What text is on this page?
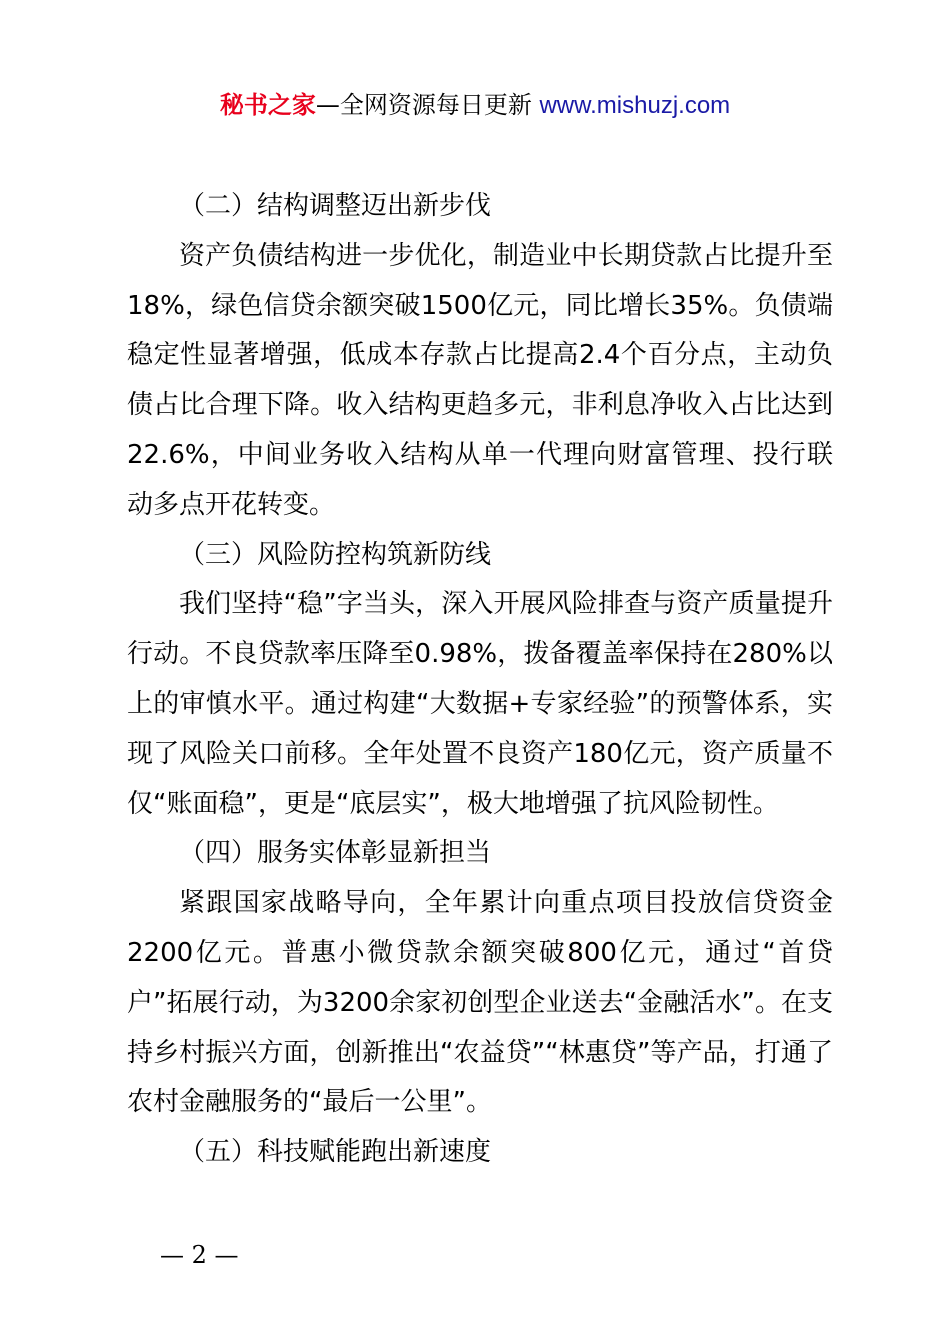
秘书之家—全网资源每日更新 www.mishuzj.com

（二）结构调整迈出新步伐

资产负债结构进一步优化，制造业中长期贷款占比提升至18%，绿色信贷余额突破1500亿元，同比增长35%。负债端稳定性显著增强，低成本存款占比提高2.4个百分点，主动负债占比合理下降。收入结构更趋多元，非利息净收入占比达到22.6%，中间业务收入结构从单一代理向财富管理、投行联动多点开花转变。

（三）风险防控构筑新防线

我们坚持“稳”字当头，深入开展风险排查与资产质量提升行动。不良贷款率压降至0.98%，拨备覆盖率保持在280%以上的审慎水平。通过构建“大数据+专家经验”的预警体系，实现了风险关口前移。全年处置不良资产180亿元，资产质量不仅“账面稳”，更是“底层实”，极大地增强了抗风险韧性。

（四）服务实体彰显新担当

紧跟国家战略导向，全年累计向重点项目投放信贷资金2200亿元。普惠小微贷款余额突破800亿元，通过“首贷户”拓展行动，为3200余家初创型企业送去“金融活水”。在支持乡村振兴方面，创新推出“农益贷”“林惠贷”等产品，打通了农村金融服务的“最后一公里”。

（五）科技赋能跑出新速度

— 2 —
